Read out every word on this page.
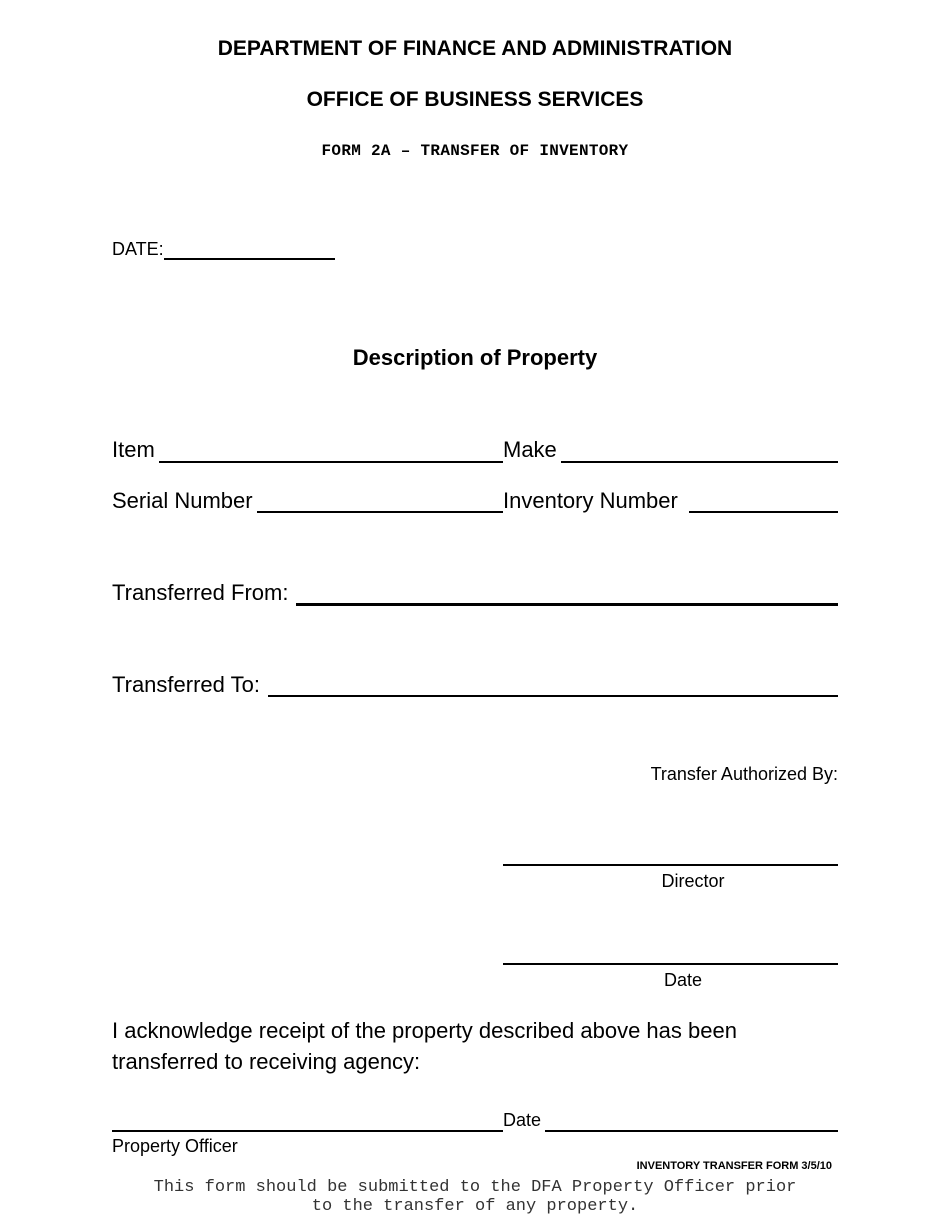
DEPARTMENT OF FINANCE AND ADMINISTRATION
OFFICE OF BUSINESS SERVICES
FORM 2A – TRANSFER OF INVENTORY
DATE:
Description of Property
Item	Make
Serial Number	Inventory Number
Transferred From:
Transferred To:
Transfer Authorized By:
Director
Date
I acknowledge receipt of the property described above has been
transferred to receiving agency:
Date
Property Officer
INVENTORY TRANSFER FORM 3/5/10
This form should be submitted to the DFA Property Officer prior
to the transfer of any property.
